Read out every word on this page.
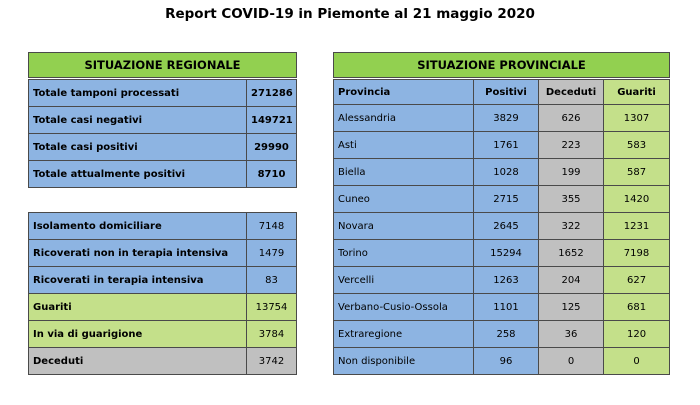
Report COVID-19 in Piemonte al 21 maggio 2020
SITUAZIONE REGIONALE	

Totale tamponi processati	271286
Totale casi negativi	149721
Totale casi positivi	29990
Totale attualmente positivi	8710
Isolamento domiciliare	7148
Ricoverati non in terapia intensiva	1479
Ricoverati in terapia intensiva	83
Guariti	13754
In via di guarigione	3784
Deceduti	3742
SITUAZIONE PROVINCIALE			

Provincia	Positivi	Deceduti	Guariti
Alessandria	3829	626	1307
Asti	1761	223	583
Biella	1028	199	587
Cuneo	2715	355	1420
Novara	2645	322	1231
Torino	15294	1652	7198
Vercelli	1263	204	627
Verbano-Cusio-Ossola	1101	125	681
Extraregione	258	36	120
Non disponibile	96	0	0
